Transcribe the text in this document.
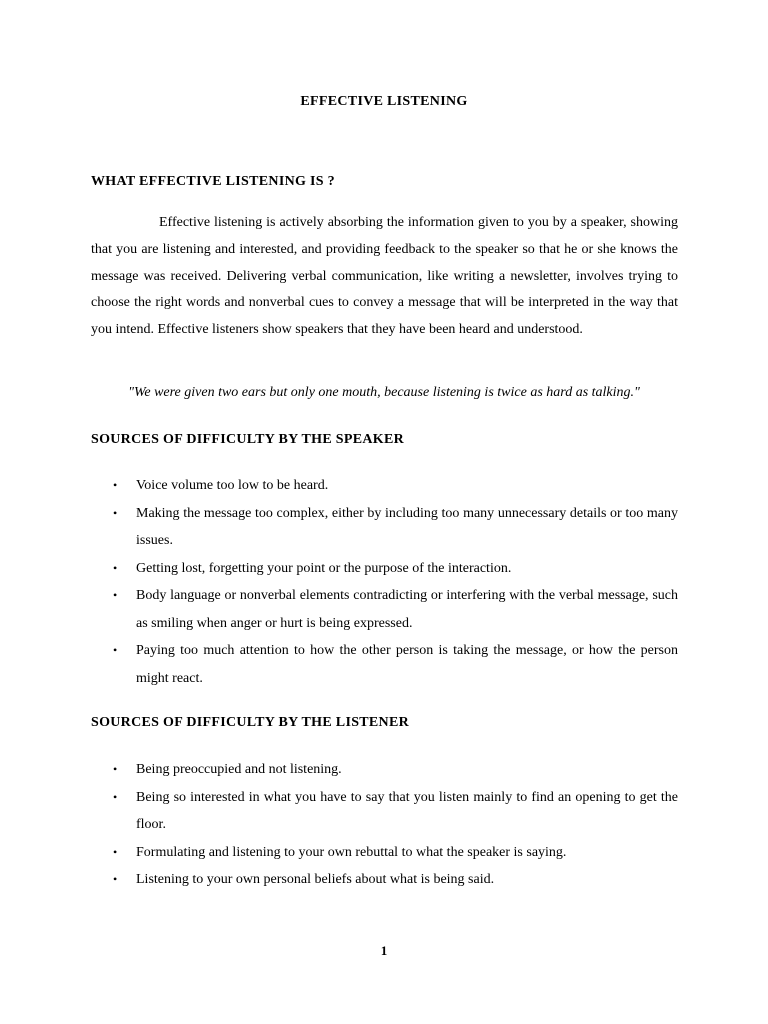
EFFECTIVE LISTENING
WHAT EFFECTIVE LISTENING IS ?
Effective listening is actively absorbing the information given to you by a speaker, showing that you are listening and interested, and providing feedback to the speaker so that he or she knows the message was received. Delivering verbal communication, like writing a newsletter, involves trying to choose the right words and nonverbal cues to convey a message that will be interpreted in the way that you intend. Effective listeners show speakers that they have been heard and understood.
"We were given two ears but only one mouth, because listening is twice as hard as talking."
SOURCES OF DIFFICULTY BY THE SPEAKER
• Voice volume too low to be heard.
• Making the message too complex, either by including too many unnecessary details or too many issues.
• Getting lost, forgetting your point or the purpose of the interaction.
• Body language or nonverbal elements contradicting or interfering with the verbal message, such as smiling when anger or hurt is being expressed.
• Paying too much attention to how the other person is taking the message, or how the person might react.
SOURCES OF DIFFICULTY BY THE LISTENER
• Being preoccupied and not listening.
• Being so interested in what you have to say that you listen mainly to find an opening to get the floor.
• Formulating and listening to your own rebuttal to what the speaker is saying.
• Listening to your own personal beliefs about what is being said.
1
